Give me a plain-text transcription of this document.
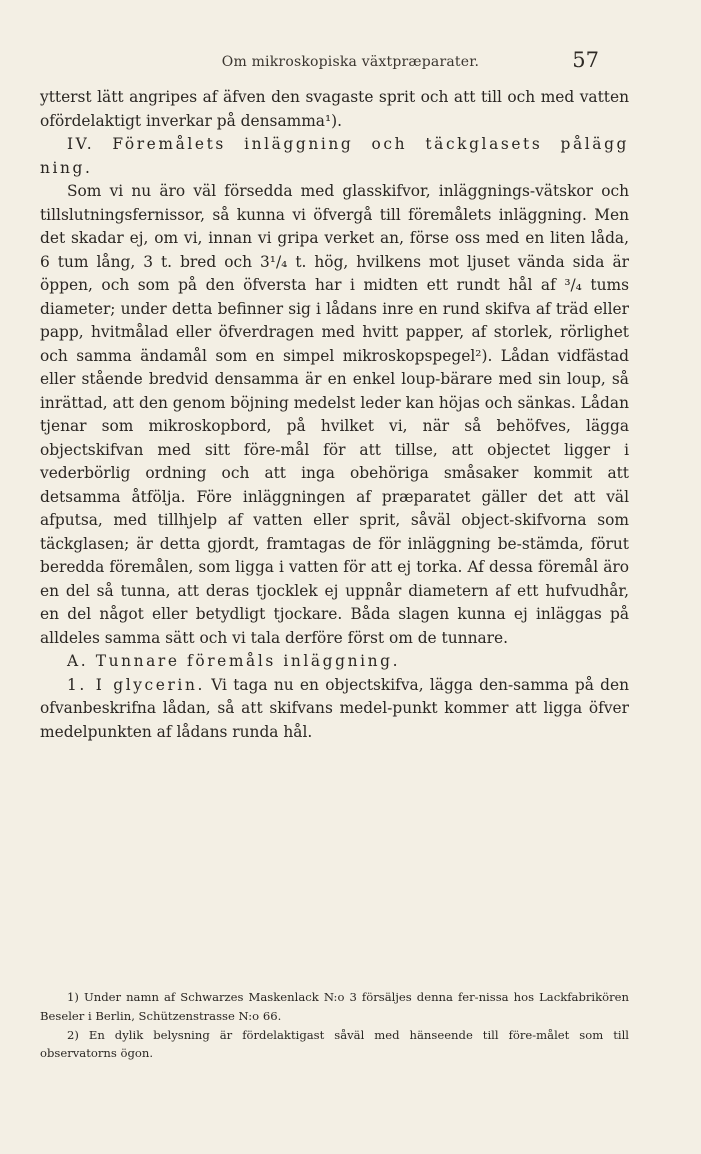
Om mikroskopiska växtpræparater.	57

ytterst lätt angripes af äfven den svagaste sprit och att till och med vatten ofördelaktigt inverkar på densamma¹).

IV. Föremålets inläggning och täckglasets pålägg ning.

Som vi nu äro väl försedda med glasskifvor, inläggnings-vätskor och tillslutningsfernissor, så kunna vi öfvergå till föremålets inläggning. Men det skadar ej, om vi, innan vi gripa verket an, förse oss med en liten låda, 6 tum lång, 3 t. bred och 3¹/₄ t. hög, hvilkens mot ljuset vända sida är öppen, och som på den öfversta har i midten ett rundt hål af ³/₄ tums diameter; under detta befinner sig i lådans inre en rund skifva af träd eller papp, hvitmålad eller öfverdragen med hvitt papper, af storlek, rörlighet och samma ändamål som en simpel mikroskopspegel²). Lådan vidfästad eller stående bredvid densamma är en enkel loup-bärare med sin loup, så inrättad, att den genom böjning medelst leder kan höjas och sänkas. Lådan tjenar som mikroskopbord, på hvilket vi, när så behöfves, lägga objectskifvan med sitt före-mål för att tillse, att objectet ligger i vederbörlig ordning och att inga obehöriga småsaker kommit att detsamma åtfölja. Före inläggningen af præparatet gäller det att väl afputsa, med tillhjelp af vatten eller sprit, såväl object-skifvorna som täckglasen; är detta gjordt, framtagas de för inläggning be-stämda, förut beredda föremålen, som ligga i vatten för att ej torka. Af dessa föremål äro en del så tunna, att deras tjocklek ej uppnår diametern af ett hufvudhår, en del något eller betydligt tjockare. Båda slagen kunna ej inläggas på alldeles samma sätt och vi tala derföre först om de tunnare.

A. Tunnare föremåls inläggning.

1. I glycerin. Vi taga nu en objectskifva, lägga den-samma på den ofvanbeskrifna lådan, så att skifvans medel-punkt kommer att ligga öfver medelpunkten af lådans runda hål.

1) Under namn af Schwarzes Maskenlack N:o 3 försäljes denna fer-nissa hos Lackfabrikören Beseler i Berlin, Schützenstrasse N:o 66.

2) En dylik belysning är fördelaktigast såväl med hänseende till före-målet som till observatorns ögon.
